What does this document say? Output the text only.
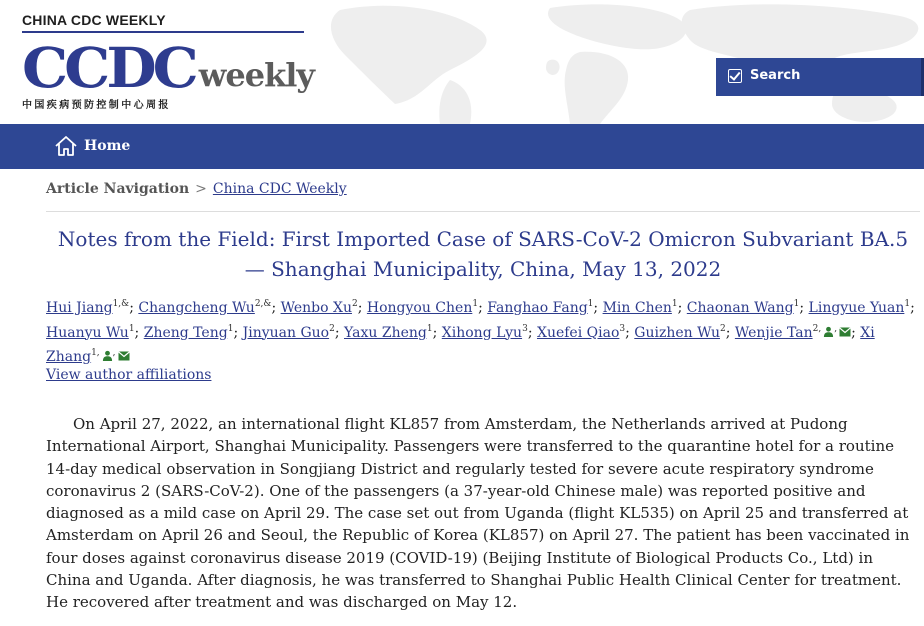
CHINA CDC WEEKLY
CCDC weekly
中国疾病预防控制中心周报
Search
Home
Article Navigation > China CDC Weekly
Notes from the Field: First Imported Case of SARS-CoV-2 Omicron Subvariant BA.5 — Shanghai Municipality, China, May 13, 2022
Hui Jiang$^{1,\&}$; Changcheng $Wu^{2,\&}$; Wenbo Xu$^2$; Hongyou Chen$^1$; Fanghao Fang$^1$; Min Chen$^1$; Chaonan Wang$^1$; Lingyue Yuan$^1$; Huanyu Wu$^1$; Zheng Teng$^1$; Jinyuan Guo$^2$; Yaxu Zheng$^1$; Xihong Lyu$^3$; Xuefei Qiao$^3$; Guizhen Wu$^2$; Wenjie Tan$^{2,}$ , ; Xi Zhang$^{1,}$ ,
View author affiliations

On April 27, 2022, an international flight KL857 from Amsterdam, the Netherlands arrived at Pudong International Airport, Shanghai Municipality. Passengers were transferred to the quarantine hotel for a routine 14-day medical observation in Songjiang District and regularly tested for severe acute respiratory syndrome coronavirus 2 (SARS-CoV-2). One of the passengers (a 37-year-old Chinese male) was reported positive and diagnosed as a mild case on April 29. The case set out from Uganda (flight KL535) on April 25 and transferred at Amsterdam on April 26 and Seoul, the Republic of Korea (KL857) on April 27. The patient has been vaccinated in four doses against coronavirus disease 2019 (COVID-19) (Beijing Institute of Biological Products Co., Ltd) in China and Uganda. After diagnosis, he was transferred to Shanghai Public Health Clinical Center for treatment. He recovered after treatment and was discharged on May 12.
